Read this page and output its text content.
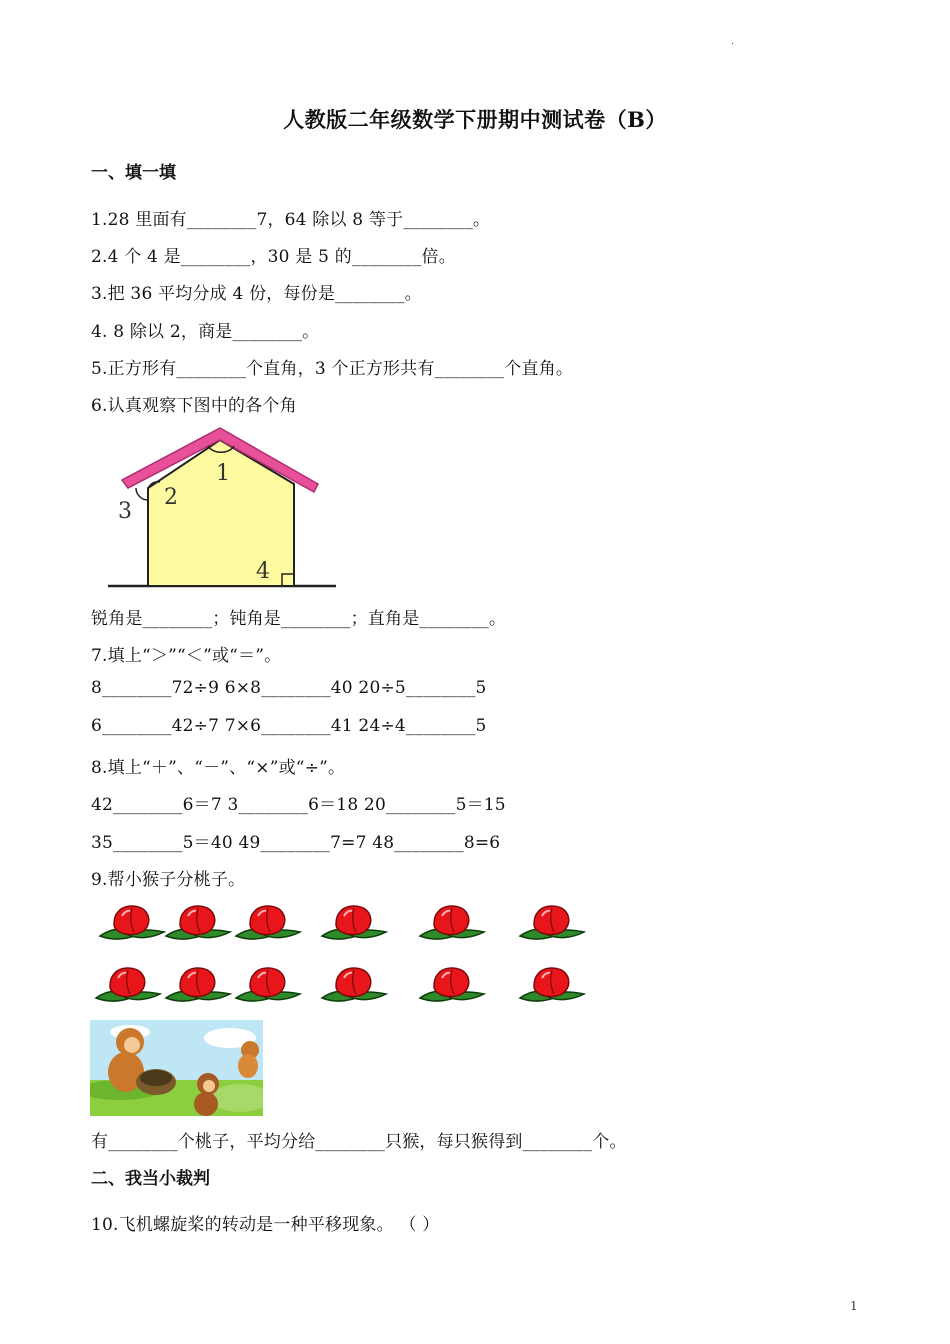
.
人教版二年级数学下册期中测试卷（B）
一、填一填
1.28 里面有________7，64 除以 8 等于________。
2.4 个 4 是________，30 是 5 的________倍。
3.把 36 平均分成 4 份，每份是________。
4. 8 除以 2，商是________。
5.正方形有________个直角，3 个正方形共有________个直角。
6.认真观察下图中的各个角
1
2
3
4
锐角是________；钝角是________；直角是________。
7.填上“＞”“＜”或“＝”。
8________72÷9 6×8________40 20÷5________5
6________42÷7 7×6________41 24÷4________5
8.填上“＋”、“－”、“×”或“÷”。
42________6＝7 3________6＝18 20________5＝15
35________5＝40 49________7=7 48________8=6
9.帮小猴子分桃子。
有________个桃子，平均分给________只猴，每只猴得到________个。
二、我当小裁判
10.飞机螺旋桨的转动是一种平移现象。 （ ）
1
